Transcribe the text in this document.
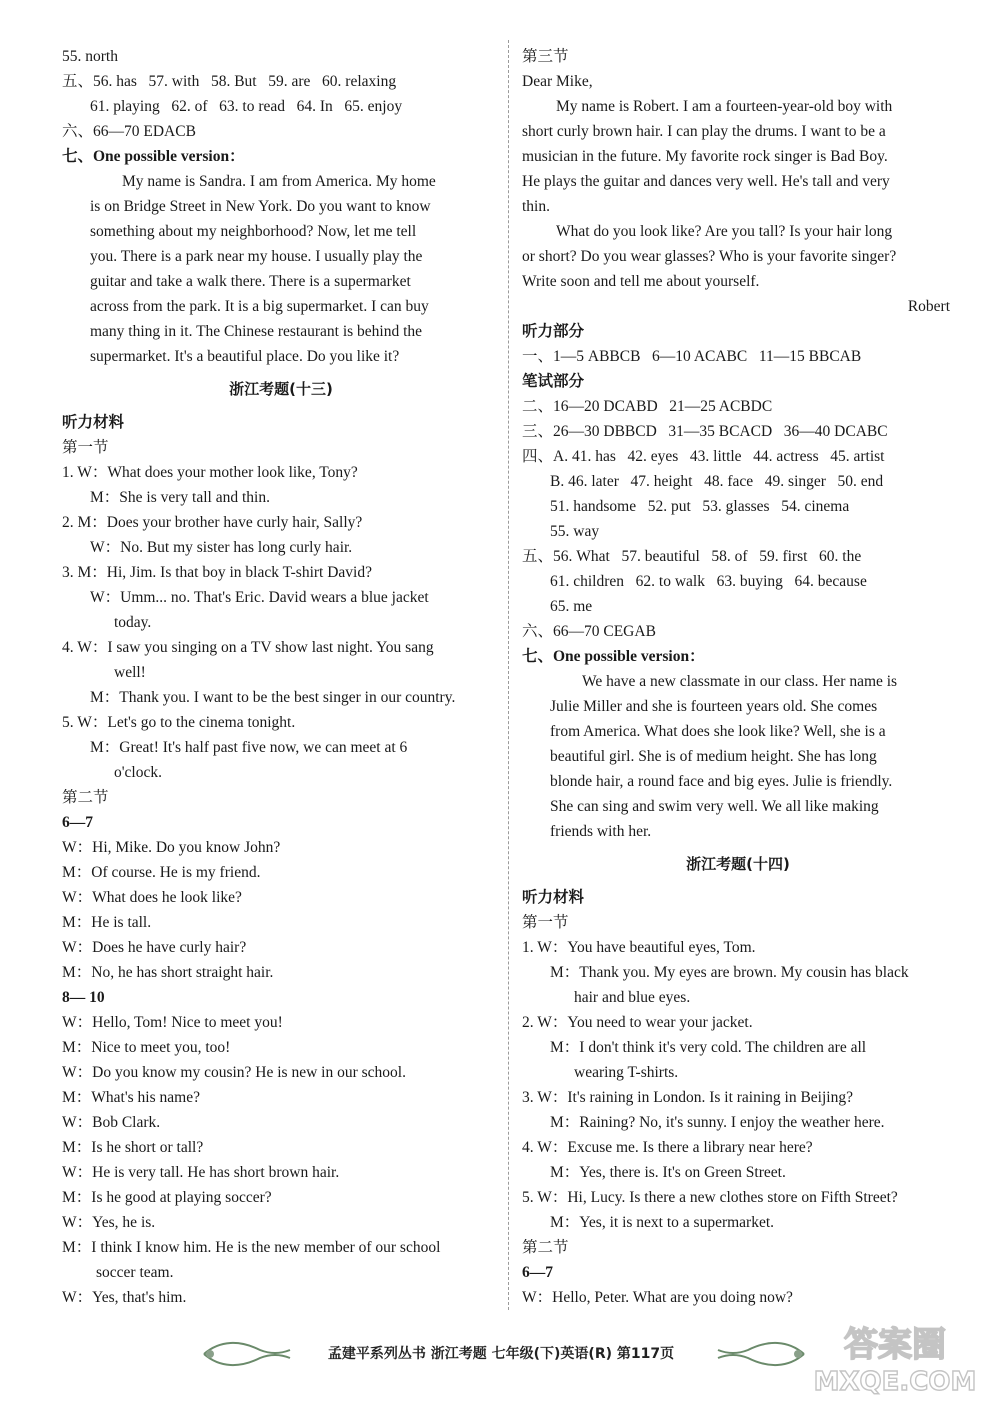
55. north
五、56. has   57. with   58. But   59. are   60. relaxing
61. playing   62. of   63. to read   64. In   65. enjoy
六、66—70 EDACB
七、One possible version：
My name is Sandra. I am from America. My home
is on Bridge Street in New York. Do you want to know
something about my neighborhood? Now, let me tell
you. There is a park near my house. I usually play the
guitar and take a walk there. There is a supermarket
across from the park. It is a big supermarket. I can buy
many thing in it. The Chinese restaurant is behind the
supermarket. It's a beautiful place. Do you like it?
浙江考题(十三)
听力材料
第一节
1. W：What does your mother look like, Tony?
M：She is very tall and thin.
2. M：Does your brother have curly hair, Sally?
W：No. But my sister has long curly hair.
3. M：Hi, Jim. Is that boy in black T-shirt David?
W：Umm... no. That's Eric. David wears a blue jacket
today.
4. W：I saw you singing on a TV show last night. You sang
well!
M：Thank you. I want to be the best singer in our country.
5. W：Let's go to the cinema tonight.
M：Great! It's half past five now, we can meet at 6
o'clock.
第二节
6—7
W：Hi, Mike. Do you know John?
M：Of course. He is my friend.
W：What does he look like?
M：He is tall.
W：Does he have curly hair?
M：No, he has short straight hair.
8— 10
W：Hello, Tom! Nice to meet you!
M：Nice to meet you, too!
W：Do you know my cousin? He is new in our school.
M：What's his name?
W：Bob Clark.
M：Is he short or tall?
W：He is very tall. He has short brown hair.
M：Is he good at playing soccer?
W：Yes, he is.
M：I think I know him. He is the new member of our school
soccer team.
W：Yes, that's him.
第三节
Dear Mike,
My name is Robert. I am a fourteen-year-old boy with
short curly brown hair. I can play the drums. I want to be a
musician in the future. My favorite rock singer is Bad Boy.
He plays the guitar and dances very well. He's tall and very
thin.
What do you look like? Are you tall? Is your hair long
or short? Do you wear glasses? Who is your favorite singer?
Write soon and tell me about yourself.
Robert
听力部分
一、1—5 ABBCB   6—10 ACABC   11—15 BBCAB
笔试部分
二、16—20 DCABD   21—25 ACBDC
三、26—30 DBBCD   31—35 BCACD   36—40 DCABC
四、A. 41. has   42. eyes   43. little   44. actress   45. artist
B. 46. later   47. height   48. face   49. singer   50. end
51. handsome   52. put   53. glasses   54. cinema
55. way
五、56. What   57. beautiful   58. of   59. first   60. the
61. children   62. to walk   63. buying   64. because
65. me
六、66—70 CEGAB
七、One possible version：
We have a new classmate in our class. Her name is
Julie Miller and she is fourteen years old. She comes
from America. What does she look like? Well, she is a
beautiful girl. She is of medium height. She has long
blonde hair, a round face and big eyes. Julie is friendly.
She can sing and swim very well. We all like making
friends with her.
浙江考题(十四)
听力材料
第一节
1. W：You have beautiful eyes, Tom.
M：Thank you. My eyes are brown. My cousin has black
hair and blue eyes.
2. W：You need to wear your jacket.
M：I don't think it's very cold. The children are all
wearing T-shirts.
3. W：It's raining in London. Is it raining in Beijing?
M：Raining? No, it's sunny. I enjoy the weather here.
4. W：Excuse me. Is there a library near here?
M：Yes, there is. It's on Green Street.
5. W：Hi, Lucy. Is there a new clothes store on Fifth Street?
M：Yes, it is next to a supermarket.
第二节
6—7
W：Hello, Peter. What are you doing now?
孟建平系列丛书 浙江考题 七年级(下)英语(R) 第117页	答案圈
MXQE.COM
